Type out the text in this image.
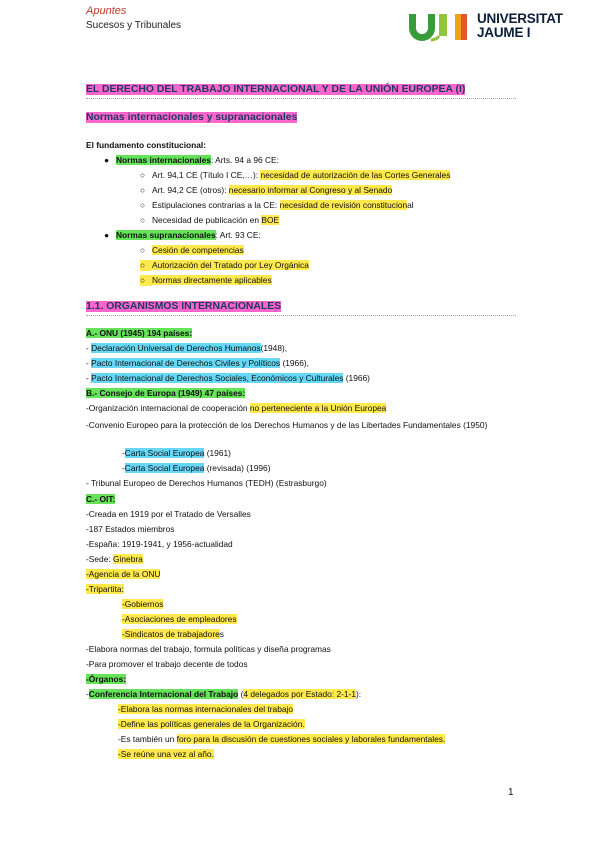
Apuntes
Sucesos y Tribunales	UNIVERSITAT
JAUME I
EL DERECHO DEL TRABAJO INTERNACIONAL Y DE LA UNIÓN EUROPEA (I)
Normas internacionales y supranacionales
El fundamento constitucional:
● Normas internacionales: Arts. 94 a 96 CE:
○ Art. 94,1 CE (Título I CE,…): necesidad de autorización de las Cortes Generales
○ Art. 94,2 CE (otros): necesario informar al Congreso y al Senado
○ Estipulaciones contrarias a la CE: necesidad de revisión constitucional
○ Necesidad de publicación en BOE
● Normas supranacionales: Art. 93 CE:
○ Cesión de competencias
○ Autorización del Tratado por Ley Orgánica
○ Normas directamente aplicables
1.1. ORGANISMOS INTERNACIONALES
A.- ONU (1945) 194 países:
- Declaración Universal de Derechos Humanos(1948),
- Pacto Internacional de Derechos Civiles y Políticos (1966),
- Pacto Internacional de Derechos Sociales, Económicos y Culturales (1966)
B.- Consejo de Europa (1949) 47 países:
-Organización internacional de cooperación no perteneciente a la Unión Europea
-Convenio Europeo para la protección de los Derechos Humanos y de las Libertades Fundamentales (1950)
-Carta Social Europea (1961)
-Carta Social Europea (revisada) (1996)
- Tribunal Europeo de Derechos Humanos (TEDH) (Estrasburgo)
C.- OIT:
-Creada en 1919 por el Tratado de Versalles
-187 Estados miembros
-España: 1919-1941, y 1956-actualidad
-Sede: Ginebra
-Agencia de la ONU
-Tripartita:
-Gobiernos
-Asociaciones de empleadores
-Sindicatos de trabajadores
-Elabora normas del trabajo, formula políticas y diseña programas
-Para promover el trabajo decente de todos
-Órganos:
-Conferencia Internacional del Trabajo (4 delegados por Estado: 2-1-1):
-Elabora las normas internacionales del trabajo
-Define las políticas generales de la Organización.
-Es también un foro para la discusión de cuestiones sociales y laborales fundamentales.
-Se reúne una vez al año.
1
